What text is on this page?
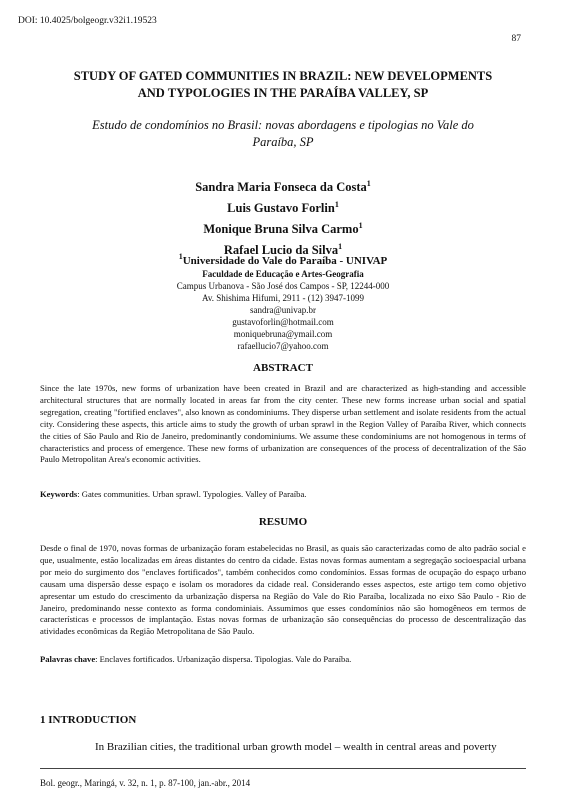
DOI: 10.4025/bolgeogr.v32i1.19523
87
STUDY OF GATED COMMUNITIES IN BRAZIL: NEW DEVELOPMENTS
AND TYPOLOGIES IN THE PARAÍBA VALLEY, SP
Estudo de condomínios no Brasil: novas abordagens e tipologias no Vale do
Paraíba, SP
Sandra Maria Fonseca da Costa$^1$
Luis Gustavo Forlin$^1$
Monique Bruna Silva Carmo$^1$
Rafael Lucio da Silva$^1$
$^1$Universidade do Vale do Paraíba - UNIVAP
Faculdade de Educação e Artes-Geografia
Campus Urbanova - São José dos Campos - SP, 12244-000
Av. Shishima Hifumi, 2911 - (12) 3947-1099
sandra@univap.br
gustavoforlin@hotmail.com
moniquebruna@ymail.com
rafaellucio7@yahoo.com
ABSTRACT
Since the late 1970s, new forms of urbanization have been created in Brazil and are characterized as high-standing and accessible architectural structures that are normally located in areas far from the city center. These new forms increase urban social and spatial segregation, creating "fortified enclaves", also known as condominiums. They disperse urban settlement and isolate residents from the actual city. Considering these aspects, this article aims to study the growth of urban sprawl in the Region Valley of Paraíba River, which connects the cities of São Paulo and Rio de Janeiro, predominantly condominiums. We assume these condominiums are not homogenous in terms of characteristics and process of emergence. These new forms of urbanization are consequences of the process of decentralization of the São Paulo Metropolitan Area's economic activities.
Keywords: Gates communities. Urban sprawl. Typologies. Valley of Paraíba.
RESUMO
Desde o final de 1970, novas formas de urbanização foram estabelecidas no Brasil, as quais são caracterizadas como de alto padrão social e que, usualmente, estão localizadas em áreas distantes do centro da cidade. Estas novas formas aumentam a segregação socioespacial urbana por meio do surgimento dos "enclaves fortificados", também conhecidos como condomínios. Essas formas de ocupação do espaço urbano causam uma dispersão desse espaço e isolam os moradores da cidade real. Considerando esses aspectos, este artigo tem como objetivo apresentar um estudo do crescimento da urbanização dispersa na Região do Vale do Rio Paraíba, localizada no eixo São Paulo - Rio de Janeiro, predominando nesse contexto as forma condominiais. Assumimos que esses condomínios não são homogêneos em termos de características e processos de implantação. Estas novas formas de urbanização são consequências do processo de descentralização das atividades econômicas da Região Metropolitana de São Paulo.
Palavras chave: Enclaves fortificados. Urbanização dispersa. Tipologias. Vale do Paraíba.
1 INTRODUCTION
In Brazilian cities, the traditional urban growth model – wealth in central areas and poverty
Bol. geogr., Maringá, v. 32, n. 1, p. 87-100, jan.-abr., 2014
